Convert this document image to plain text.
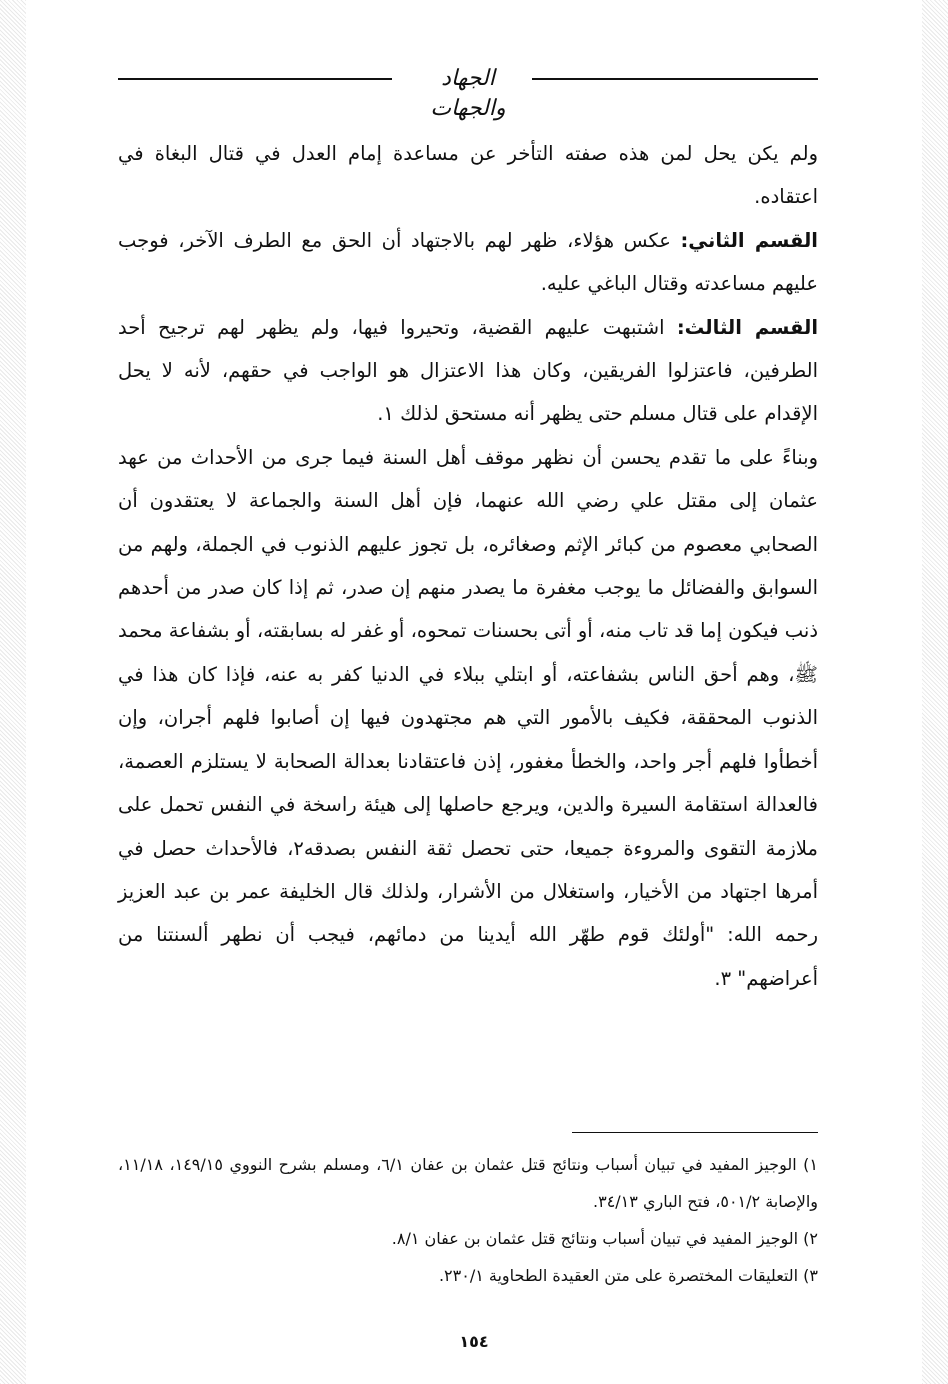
الجهاد والجهات

ولم يكن يحل لمن هذه صفته التأخر عن مساعدة إمام العدل في قتال البغاة في اعتقاده.

القسم الثاني: عكس هؤلاء، ظهر لهم بالاجتهاد أن الحق مع الطرف الآخر، فوجب عليهم مساعدته وقتال الباغي عليه.

القسم الثالث: اشتبهت عليهم القضية، وتحيروا فيها، ولم يظهر لهم ترجيح أحد الطرفين، فاعتزلوا الفريقين، وكان هذا الاعتزال هو الواجب في حقهم، لأنه لا يحل الإقدام على قتال مسلم حتى يظهر أنه مستحق لذلك ١.

وبناءً على ما تقدم يحسن أن نظهر موقف أهل السنة فيما جرى من الأحداث من عهد عثمان إلى مقتل علي رضي الله عنهما، فإن أهل السنة والجماعة لا يعتقدون أن الصحابي معصوم من كبائر الإثم وصغائره، بل تجوز عليهم الذنوب في الجملة، ولهم من السوابق والفضائل ما يوجب مغفرة ما يصدر منهم إن صدر، ثم إذا كان صدر من أحدهم ذنب فيكون إما قد تاب منه، أو أتى بحسنات تمحوه، أو غفر له بسابقته، أو بشفاعة محمد ﷺ، وهم أحق الناس بشفاعته، أو ابتلي ببلاء في الدنيا كفر به عنه، فإذا كان هذا في الذنوب المحققة، فكيف بالأمور التي هم مجتهدون فيها إن أصابوا فلهم أجران، وإن أخطأوا فلهم أجر واحد، والخطأ مغفور، إذن فاعتقادنا بعدالة الصحابة لا يستلزم العصمة، فالعدالة استقامة السيرة والدين، ويرجع حاصلها إلى هيئة راسخة في النفس تحمل على ملازمة التقوى والمروءة جميعا، حتى تحصل ثقة النفس بصدقه٢، فالأحداث حصل في أمرها اجتهاد من الأخيار، واستغلال من الأشرار، ولذلك قال الخليفة عمر بن عبد العزيز رحمه الله: "أولئك قوم طهّر الله أيدينا من دمائهم، فيجب أن نطهر ألسنتنا من أعراضهم" ٣.

١) الوجيز المفيد في تبيان أسباب ونتائج قتل عثمان بن عفان ٦/١، ومسلم بشرح النووي ١٤٩/١٥، ١١/١٨، والإصابة ٥٠١/٢، فتح الباري ٣٤/١٣.

٢) الوجيز المفيد في تبيان أسباب ونتائج قتل عثمان بن عفان ٨/١.

٣) التعليقات المختصرة على متن العقيدة الطحاوية ٢٣٠/١.

١٥٤
